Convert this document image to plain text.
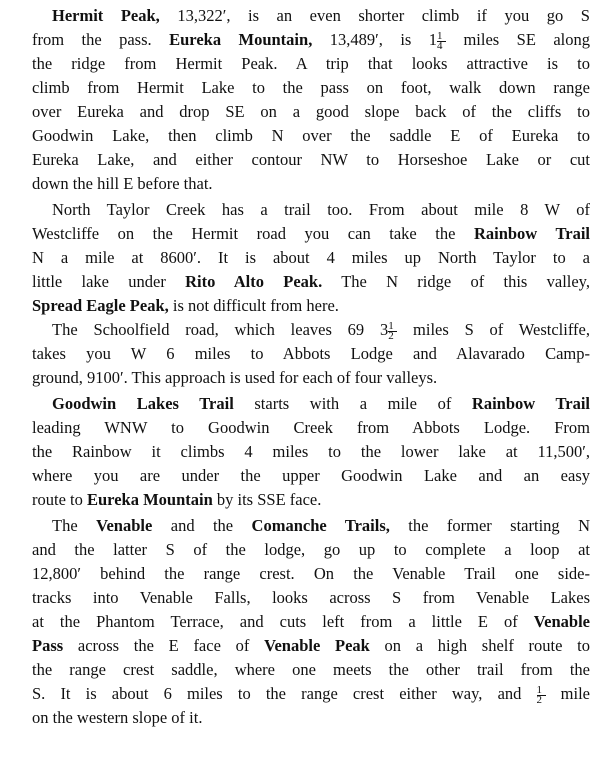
Hermit Peak, 13,322′, is an even shorter climb if you go S
from the pass. Eureka Mountain, 13,489′, is $1 \frac{1}{4}$ miles SE along
the ridge from Hermit Peak. A trip that looks attractive is to
climb from Hermit Lake to the pass on foot, walk down range
over Eureka and drop SE on a good slope back of the cliffs to
Goodwin Lake, then climb N over the saddle E of Eureka to
Eureka Lake, and either contour NW to Horseshoe Lake or cut
down the hill E before that.
North Taylor Creek has a trail too. From about mile 8 W of
Westcliffe on the Hermit road you can take the Rainbow Trail
N a mile at 8600′. It is about 4 miles up North Taylor to a
little lake under Rito Alto Peak. The N ridge of this valley,
Spread Eagle Peak, is not difficult from here.
The Schoolfield road, which leaves 69 $3 \frac{1}{2}$ miles S of Westcliffe,
takes you W 6 miles to Abbots Lodge and Alavarado Camp-
ground, 9100′. This approach is used for each of four valleys.
Goodwin Lakes Trail starts with a mile of Rainbow Trail
leading WNW to Goodwin Creek from Abbots Lodge. From
the Rainbow it climbs 4 miles to the lower lake at 11,500′,
where you are under the upper Goodwin Lake and an easy
route to Eureka Mountain by its SSE face.
The Venable and the Comanche Trails, the former starting N
and the latter S of the lodge, go up to complete a loop at
12,800′ behind the range crest. On the Venable Trail one side-
tracks into Venable Falls, looks across S from Venable Lakes
at the Phantom Terrace, and cuts left from a little E of Venable
Pass across the E face of Venable Peak on a high shelf route to
the range crest saddle, where one meets the other trail from the
S. It is about 6 miles to the range crest either way, and $\frac{1}{2}$ mile
on the western slope of it.
